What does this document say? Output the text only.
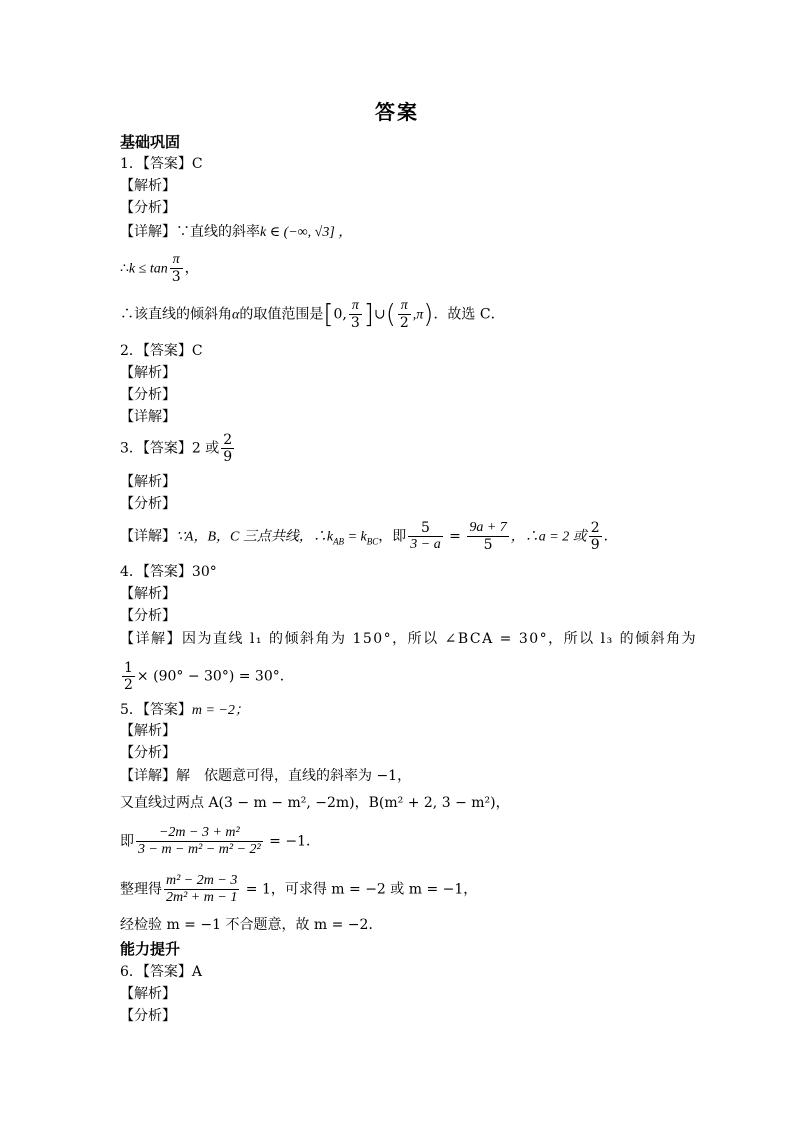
答案
基础巩固
1．【答案】C
【解析】
【分析】
【详解】∵直线的斜率k ∈ (−∞, √3] ，
∴k ≤ $\tan \frac{\pi}{3}$ ，
∴该直线的倾斜角α的取值范围是[0, $\frac{\pi}{3}$ ]∪( $\frac{\pi}{2} ,\pi$)．故选 C．
2．【答案】C
【解析】
【分析】
【详解】
3．【答案】2 或 $\frac{2}{9}$
【解析】
【分析】
【详解】∵A，B，C 三点共线，$\therefore k_{AB} = k_{BC}$，即 $\frac{5}{3 - a} = \frac{9a + 7}{5}$ ，∴a = 2 或 $\frac{2}{9}$ ．
4．【答案】30°
【解析】
【分析】
【详解】因为直线 l₁ 的倾斜角为 150°，所以 ∠BCA = 30°，所以 l₃ 的倾斜角为
$\frac{1}{2} \times (90^\circ - 30^\circ) = 30^\circ$．
5．【答案】m = −2；
【解析】
【分析】
【详解】解　依题意可得，直线的斜率为 −1，
又直线过两点 A(3 − m − m², −2m)，B(m² + 2, 3 − m²)，
即 $\frac{\text{−2m − 3 + m²}}{\text{3 − m − m² − m² − 2²}} = -1$．
整理得 $\frac{\text{m² − 2m − 3}}{\text{2m² + m − 1}} = 1$，可求得 m = −2 或 m = −1，
经检验 m = −1 不合题意，故 m = −2．
能力提升
6．【答案】A
【解析】
【分析】
